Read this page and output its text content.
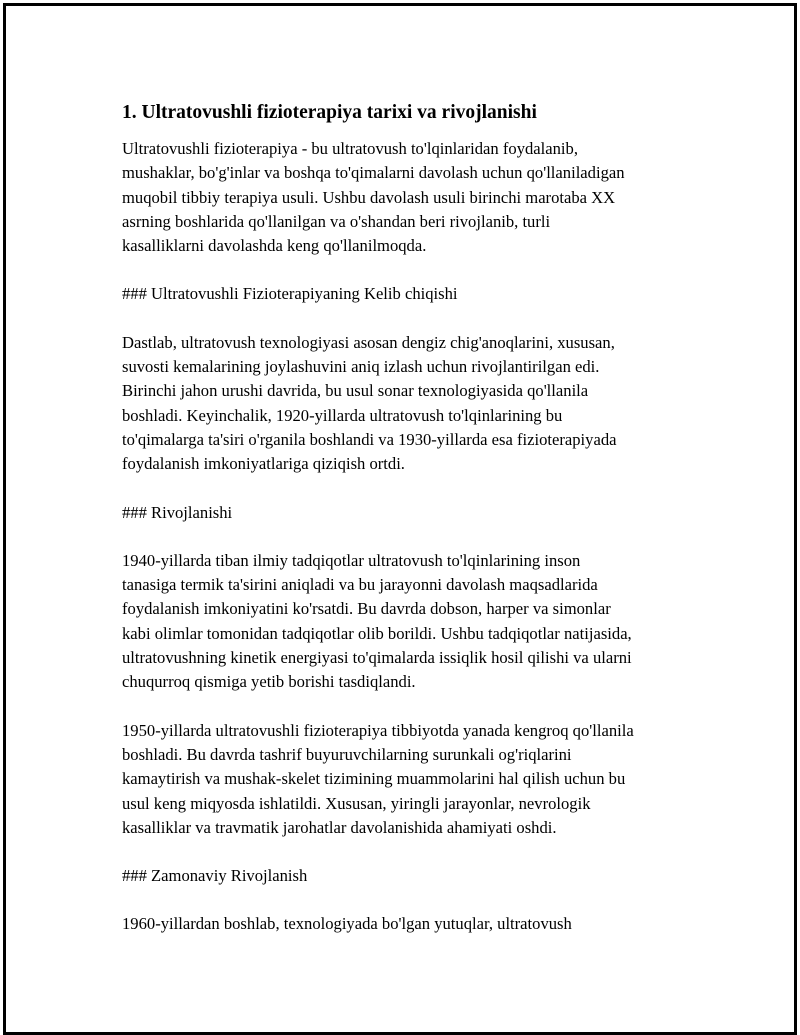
1. Ultratovushli fizioterapiya tarixi va rivojlanishi
Ultratovushli fizioterapiya - bu ultratovush to'lqinlaridan foydalanib,
mushaklar, bo'g'inlar va boshqa to'qimalarni davolash uchun qo'llaniladigan
muqobil tibbiy terapiya usuli. Ushbu davolash usuli birinchi marotaba XX
asrning boshlarida qo'llanilgan va o'shandan beri rivojlanib, turli
kasalliklarni davolashda keng qo'llanilmoqda.
### Ultratovushli Fizioterapiyaning Kelib chiqishi
Dastlab, ultratovush texnologiyasi asosan dengiz chig'anoqlarini, xususan,
suvosti kemalarining joylashuvini aniq izlash uchun rivojlantirilgan edi.
Birinchi jahon urushi davrida, bu usul sonar texnologiyasida qo'llanila
boshladi. Keyinchalik, 1920-yillarda ultratovush to'lqinlarining bu
to'qimalarga ta'siri o'rganila boshlandi va 1930-yillarda esa fizioterapiyada
foydalanish imkoniyatlariga qiziqish ortdi.
### Rivojlanishi
1940-yillarda tiban ilmiy tadqiqotlar ultratovush to'lqinlarining inson
tanasiga termik ta'sirini aniqladi va bu jarayonni davolash maqsadlarida
foydalanish imkoniyatini ko'rsatdi. Bu davrda dobson, harper va simonlar
kabi olimlar tomonidan tadqiqotlar olib borildi. Ushbu tadqiqotlar natijasida,
ultratovushning kinetik energiyasi to'qimalarda issiqlik hosil qilishi va ularni
chuqurroq qismiga yetib borishi tasdiqlandi.
1950-yillarda ultratovushli fizioterapiya tibbiyotda yanada kengroq qo'llanila
boshladi. Bu davrda tashrif buyuruvchilarning surunkali og'riqlarini
kamaytirish va mushak-skelet tizimining muammolarini hal qilish uchun bu
usul keng miqyosda ishlatildi. Xususan, yiringli jarayonlar, nevrologik
kasalliklar va travmatik jarohatlar davolanishida ahamiyati oshdi.
### Zamonaviy Rivojlanish
1960-yillardan boshlab, texnologiyada bo'lgan yutuqlar, ultratovush
